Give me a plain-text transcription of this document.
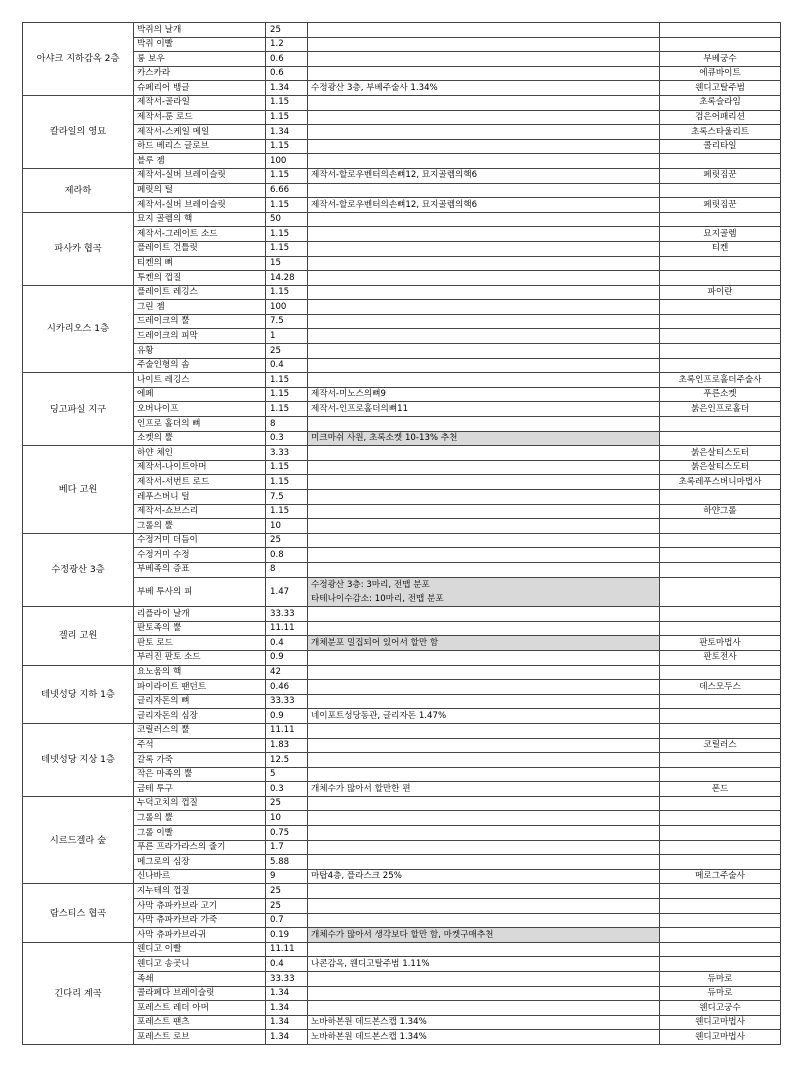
아샤크 지하감옥 2층	박쥐의 날개	25		
	박쥐 이빨	1.2		
	룽 보우	0.6		부베궁수
	카스카라	0.6		에큐바이트
	슈페리어 뱅글	1.34	수정광산 3층, 부베주술사 1.34%	웬디고탈주범
칼라일의 영묘	제작서-골라일	1.15		초록슬라임
	제작서-룬 로드	1.15		검은어패리션
	제작서-스케일 메일	1.34		초록스타울리트
	하드 베리스 글로브	1.15		콜리타일
	블루 젬	100		
제라하	제작서-실버 브레이슬릿	1.15	제작서-할로우벤터의손뼈12, 묘지골렘의핵6	페릿짐꾼
	페릿의 털	6.66		
	제작서-실버 브레이슬릿	1.15	제작서-할로우벤터의손뼈12, 묘지골렘의핵6	페릿짐꾼
파사카 협곡	묘지 골렘의 핵	50		
	제작서-그레이트 소드	1.15		묘지골렘
	플레이트 건틀릿	1.15		티켄
	티켄의 뼈	15		
	투켄의 껍질	14.28		
시카리오스 1층	플레이트 레깅스	1.15		파이란
	그린 젬	100		
	드레이크의 뿔	7.5		
	드레이크의 피막	1		
	유황	25		
	주술인형의 솜	0.4		
딩고파실 지구	나이트 레깅스	1.15		초록인프로홀더주술사
	에페	1.15	제작서-미노스의뼈9	푸른소켓
	오버나이프	1.15	제작서-인프로홀더의뼈11	붉은인프로홀더
	인프로 홀더의 뼈	8		
	소켓의 뿔	0.3	미크마쉬 사원, 초록소켓 10-13% 추천	
베다 고원	하얀 체인	3.33		붉은살티스도터
	제작서-나이트아머	1.15		붉은살티스도터
	제작서-서번트 로드	1.15		초록레푸스버니마법사
	레푸스버니 털	7.5		
	제작서-쇼브스리	1.15		하얀그롤
	그롤의 뿔	10		
수정광산 3층	수정거미 더듬이	25		
	수정거미 수정	0.8		
	부베족의 증표	8		
	부베 투사의 피	1.47	수정광산 3층: 3마리, 전맵 분포
타테나이수감소: 10마리, 전맵 분포	

겔리 고원	리플라이 날개	33.33		
	판토족의 뿔	11.11		
	판토 로드	0.4	개체분포 밀집되어 있어서 할만 함	판토마법사
	부러진 판토 소드	0.9		판토전사
테넷성당 지하 1층	요노움의 핵	42		
	파이라이트 팬던트	0.46		데스모두스
	글리자돈의 뼈	33.33		
	글리자돈의 심장	0.9	네이포트성당동관, 글리자돈 1.47%	
테넷성당 지상 1층	코릴러스의 뿔	11.11		
	주석	1.83		코릴러스
	갈록 가죽	12.5		
	작은 마족의 뿔	5		
	금테 투구	0.3	개체수가 많아서 할만한 편	폰드
시르드겔라 숲	누덕고치의 껍질	25		
	그롤의 뿔	10		
	그롤 이빨	0.75		
	푸른 프라가라스의 줄기	1.7		
	메그로의 심장	5.88		
	신나바르	9	마탑4층, 플라스크 25%	메로그주술사
람스티스 협곡	지누테의 껍질	25		
	사막 츄파카브라 고기	25		
	사막 츄파카브라 가죽	0.7		
	사막 츄파카브라귀	0.19	개체수가 많아서 생각보다 할만 함, 마켓구매추천	
긴다리 계곡	웬디고 이빨	11.11		
	웬디고 송곳니	0.4	나콘감옥, 웬디고탈주범 1.11%	
	족쇄	33.33		듀마로
	콜라페다 브레이슬릿	1.34		듀마로
	포레스트 레더 아머	1.34		웬디고궁수
	포레스트 팬츠	1.34	노바하본원 데드본스캡 1.34%	웬디고마법사
	포레스트 로브	1.34	노바하본원 데드본스캡 1.34%	웬디고마법사
